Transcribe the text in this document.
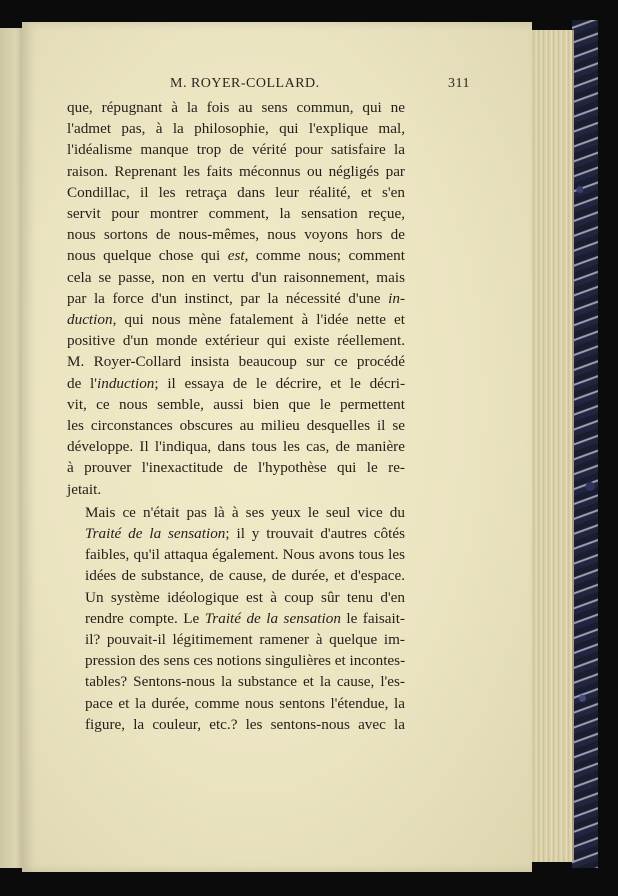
M. ROYER-COLLARD.	311

que, répugnant à la fois au sens commun, qui ne
l'admet pas, à la philosophie, qui l'explique mal,
l'idéalisme manque trop de vérité pour satisfaire la
raison. Reprenant les faits méconnus ou négligés par
Condillac, il les retraça dans leur réalité, et s'en
servit pour montrer comment, la sensation reçue,
nous sortons de nous-mêmes, nous voyons hors de
nous quelque chose qui est, comme nous; comment
cela se passe, non en vertu d'un raisonnement, mais
par la force d'un instinct, par la nécessité d'une in-
duction, qui nous mène fatalement à l'idée nette et
positive d'un monde extérieur qui existe réellement.
M. Royer-Collard insista beaucoup sur ce procédé
de l'induction; il essaya de le décrire, et le décri-
vit, ce nous semble, aussi bien que le permettent
les circonstances obscures au milieu desquelles il se
développe. Il l'indiqua, dans tous les cas, de manière
à prouver l'inexactitude de l'hypothèse qui le re-
jetait.

Mais ce n'était pas là à ses yeux le seul vice du
Traité de la sensation; il y trouvait d'autres côtés
faibles, qu'il attaqua également. Nous avons tous les
idées de substance, de cause, de durée, et d'espace.
Un système idéologique est à coup sûr tenu d'en
rendre compte. Le Traité de la sensation le faisait-
il? pouvait-il légitimement ramener à quelque im-
pression des sens ces notions singulières et incontes-
tables? Sentons-nous la substance et la cause, l'es-
pace et la durée, comme nous sentons l'étendue, la
figure, la couleur, etc.? les sentons-nous avec la
